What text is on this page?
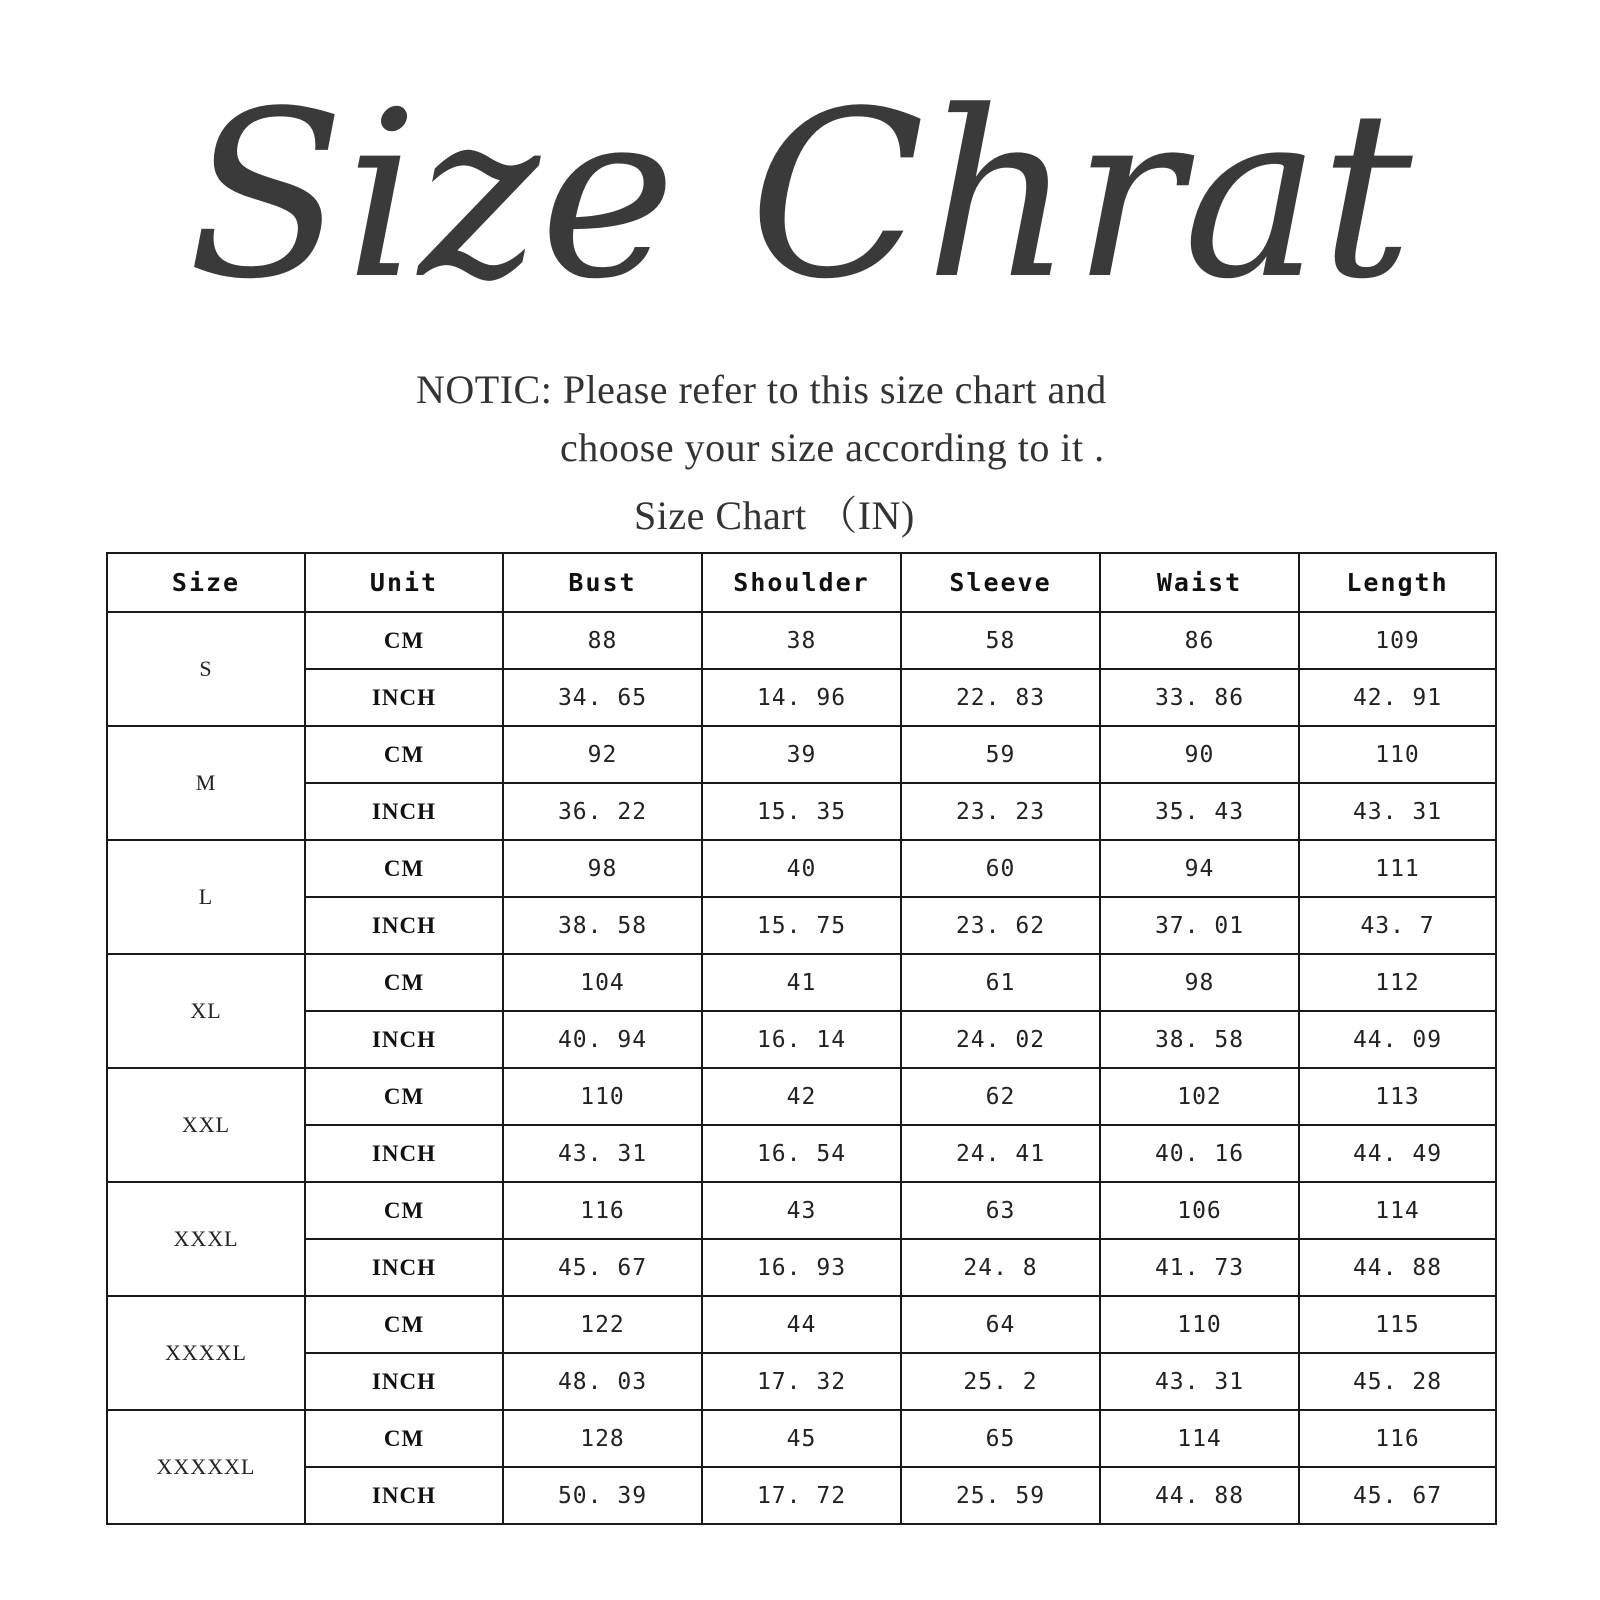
Size Chrat
NOTIC: Please refer to this size chart and
choose your size according to it .
Size Chart （IN)
Size	Unit	Bust	Shoulder	Sleeve	Waist	Length
S	CM	88	38	58	86	109
	INCH	34. 65	14. 96	22. 83	33. 86	42. 91
M	CM	92	39	59	90	110
	INCH	36. 22	15. 35	23. 23	35. 43	43. 31
L	CM	98	40	60	94	111
	INCH	38. 58	15. 75	23. 62	37. 01	43. 7
XL	CM	104	41	61	98	112
	INCH	40. 94	16. 14	24. 02	38. 58	44. 09
XXL	CM	110	42	62	102	113
	INCH	43. 31	16. 54	24. 41	40. 16	44. 49
XXXL	CM	116	43	63	106	114
	INCH	45. 67	16. 93	24. 8	41. 73	44. 88
XXXXL	CM	122	44	64	110	115
	INCH	48. 03	17. 32	25. 2	43. 31	45. 28
XXXXXL	CM	128	45	65	114	116
	INCH	50. 39	17. 72	25. 59	44. 88	45. 67
